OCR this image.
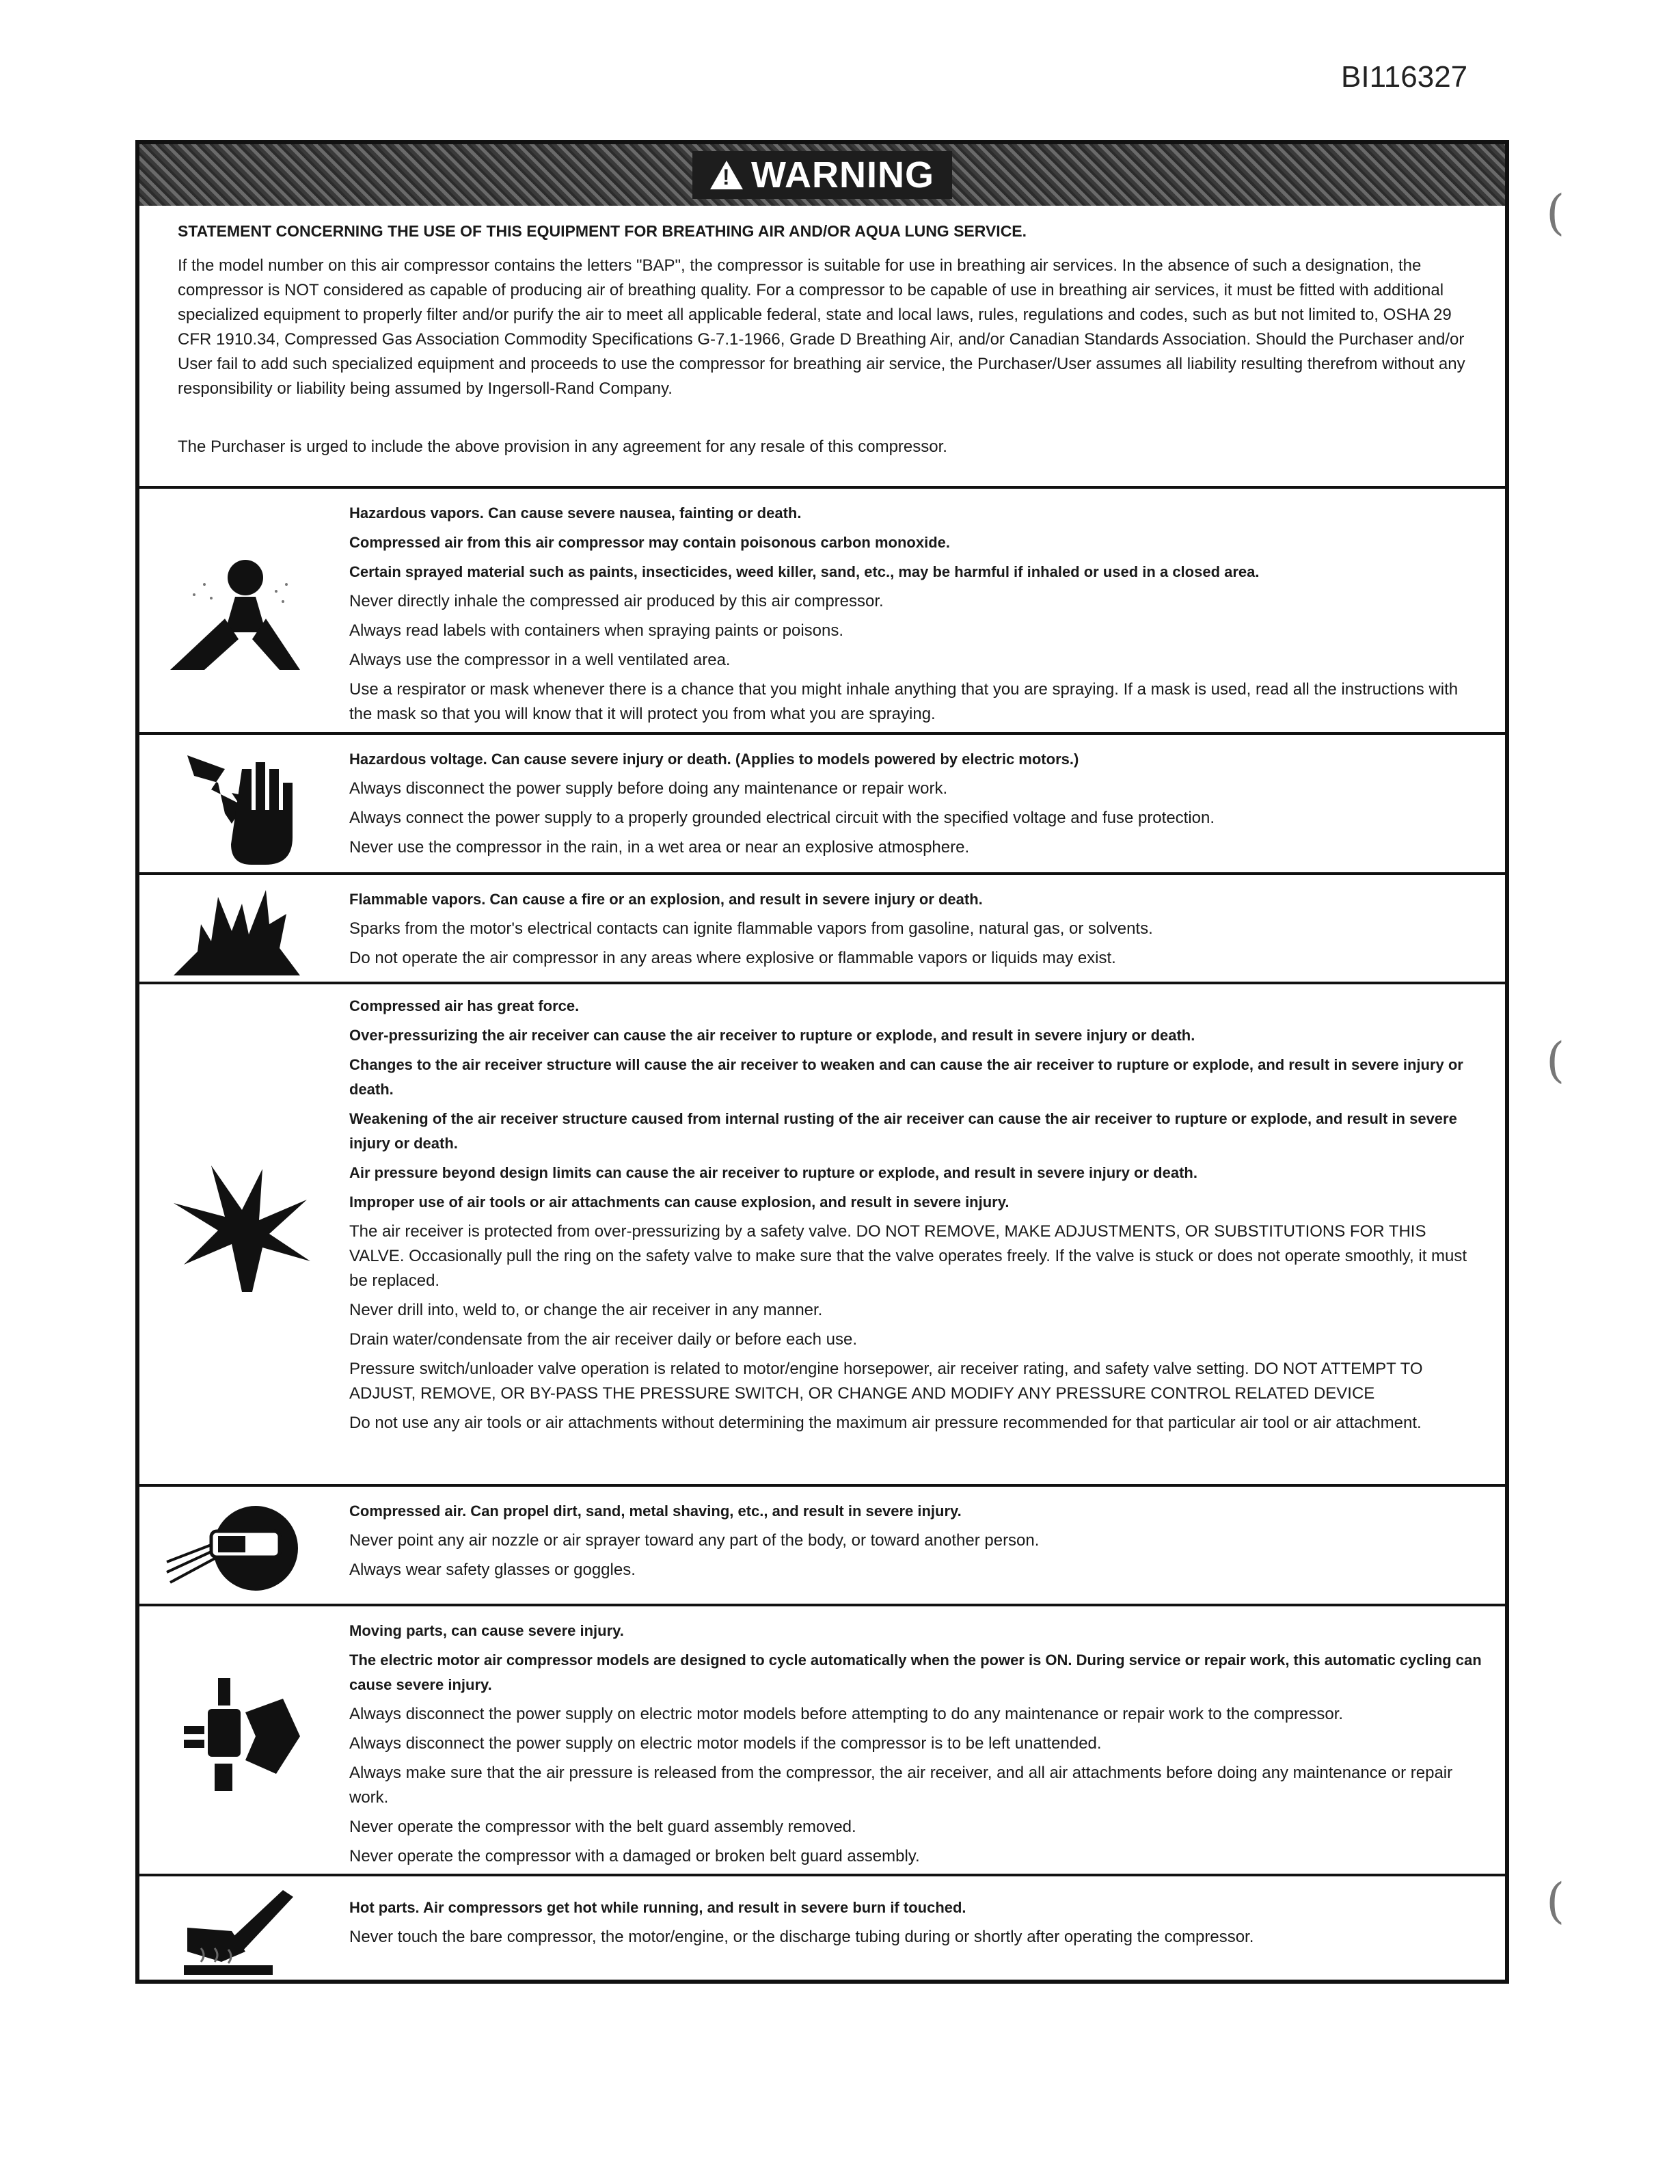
BI116327
(
(
(
!
WARNING
STATEMENT CONCERNING THE USE OF THIS EQUIPMENT FOR BREATHING AIR AND/OR AQUA LUNG SERVICE.

If the model number on this air compressor contains the letters "BAP", the compressor is suitable for use in breathing air services. In the absence of such a designation, the compressor is NOT considered as capable of producing air of breathing quality. For a compressor to be capable of use in breathing air services, it must be fitted with additional specialized equipment to properly filter and/or purify the air to meet all applicable federal, state and local laws, rules, regulations and codes, such as but not limited to, OSHA 29 CFR 1910.34, Compressed Gas Association Commodity Specifications G-7.1-1966, Grade D Breathing Air, and/or Canadian Standards Association. Should the Purchaser and/or User fail to add such specialized equipment and proceeds to use the compressor for breathing air service, the Purchaser/User assumes all liability resulting therefrom without any responsibility or liability being assumed by Ingersoll-Rand Company.

The Purchaser is urged to include the above provision in any agreement for any resale of this compressor.

Hazardous vapors. Can cause severe nausea, fainting or death.

Compressed air from this air compressor may contain poisonous carbon monoxide.

Certain sprayed material such as paints, insecticides, weed killer, sand, etc., may be harmful if inhaled or used in a closed area.

Never directly inhale the compressed air produced by this air compressor.

Always read labels with containers when spraying paints or poisons.

Always use the compressor in a well ventilated area.

Use a respirator or mask whenever there is a chance that you might inhale anything that you are spraying. If a mask is used, read all the instructions with the mask so that you will know that it will protect you from what you are spraying.

Hazardous voltage. Can cause severe injury or death. (Applies to models powered by electric motors.)

Always disconnect the power supply before doing any maintenance or repair work.

Always connect the power supply to a properly grounded electrical circuit with the specified voltage and fuse protection.

Never use the compressor in the rain, in a wet area or near an explosive atmosphere.

Flammable vapors. Can cause a fire or an explosion, and result in severe injury or death.

Sparks from the motor's electrical contacts can ignite flammable vapors from gasoline, natural gas, or solvents.

Do not operate the air compressor in any areas where explosive or flammable vapors or liquids may exist.

Compressed air has great force.

Over-pressurizing the air receiver can cause the air receiver to rupture or explode, and result in severe injury or death.

Changes to the air receiver structure will cause the air receiver to weaken and can cause the air receiver to rupture or explode, and result in severe injury or death.

Weakening of the air receiver structure caused from internal rusting of the air receiver can cause the air receiver to rupture or explode, and result in severe injury or death.

Air pressure beyond design limits can cause the air receiver to rupture or explode, and result in severe injury or death.

Improper use of air tools or air attachments can cause explosion, and result in severe injury.

The air receiver is protected from over-pressurizing by a safety valve. DO NOT REMOVE, MAKE ADJUSTMENTS, OR SUBSTITUTIONS FOR THIS VALVE. Occasionally pull the ring on the safety valve to make sure that the valve operates freely. If the valve is stuck or does not operate smoothly, it must be replaced.

Never drill into, weld to, or change the air receiver in any manner.

Drain water/condensate from the air receiver daily or before each use.

Pressure switch/unloader valve operation is related to motor/engine horsepower, air receiver rating, and safety valve setting. DO NOT ATTEMPT TO ADJUST, REMOVE, OR BY-PASS THE PRESSURE SWITCH, OR CHANGE AND MODIFY ANY PRESSURE CONTROL RELATED DEVICE

Do not use any air tools or air attachments without determining the maximum air pressure recommended for that particular air tool or air attachment.

Compressed air. Can propel dirt, sand, metal shaving, etc., and result in severe injury.

Never point any air nozzle or air sprayer toward any part of the body, or toward another person.

Always wear safety glasses or goggles.

Moving parts, can cause severe injury.

The electric motor air compressor models are designed to cycle automatically when the power is ON. During service or repair work, this automatic cycling can cause severe injury.

Always disconnect the power supply on electric motor models before attempting to do any maintenance or repair work to the compressor.

Always disconnect the power supply on electric motor models if the compressor is to be left unattended.

Always make sure that the air pressure is released from the compressor, the air receiver, and all air attachments before doing any maintenance or repair work.

Never operate the compressor with the belt guard assembly removed.

Never operate the compressor with a damaged or broken belt guard assembly.

Hot parts. Air compressors get hot while running, and result in severe burn if touched.

Never touch the bare compressor, the motor/engine, or the discharge tubing during or shortly after operating the compressor.
